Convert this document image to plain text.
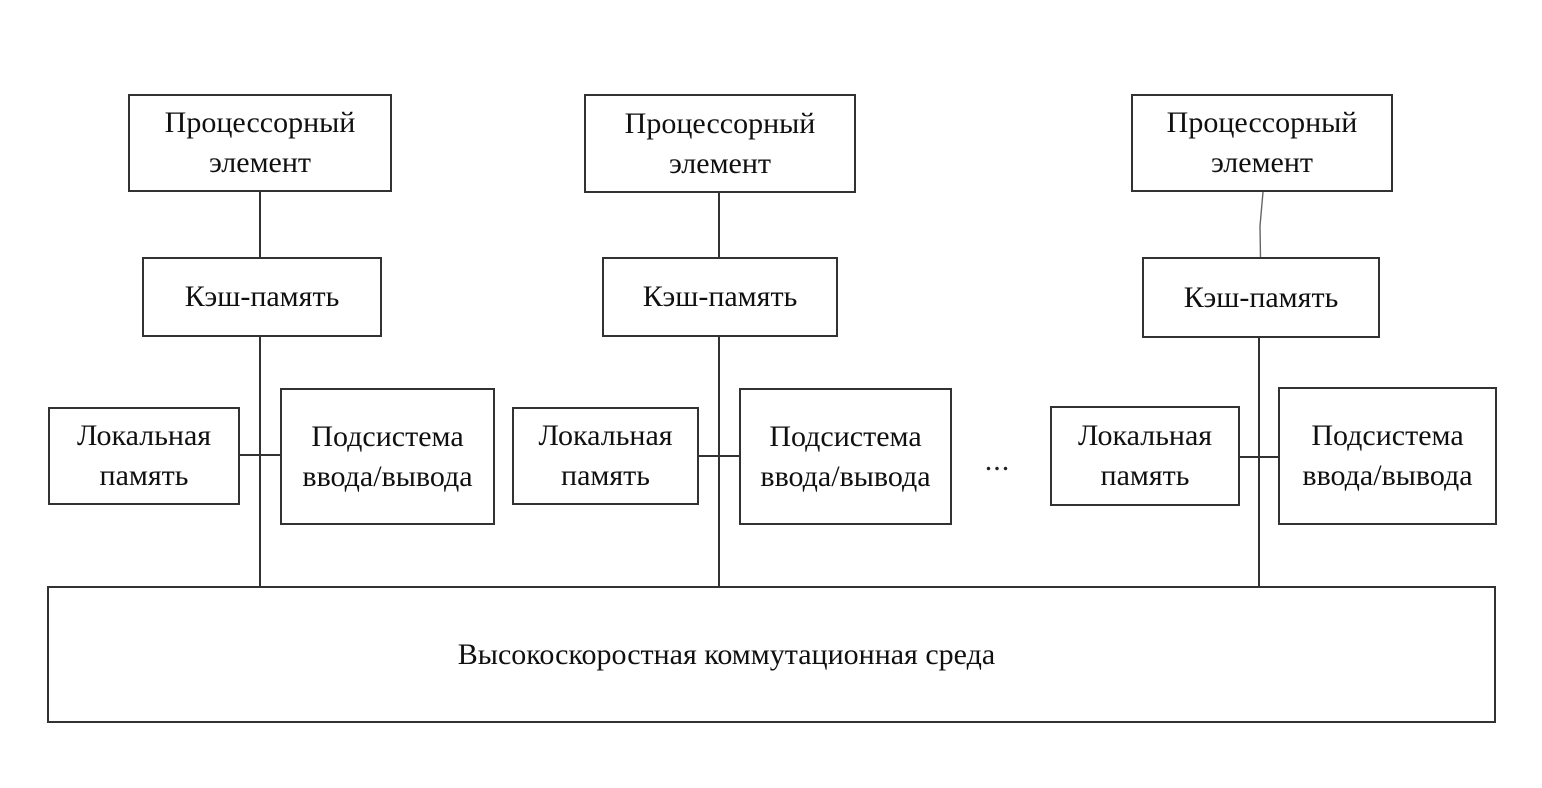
Процессорный
элемент
Кэш-память
Локальная
память
Подсистема
ввода/вывода
Процессорный
элемент
Кэш-память
Локальная
память
Подсистема
ввода/вывода	...
Процессорный
элемент
Кэш-память
Локальная
память
Подсистема
ввода/вывода
Высокоскоростная коммутационная среда
